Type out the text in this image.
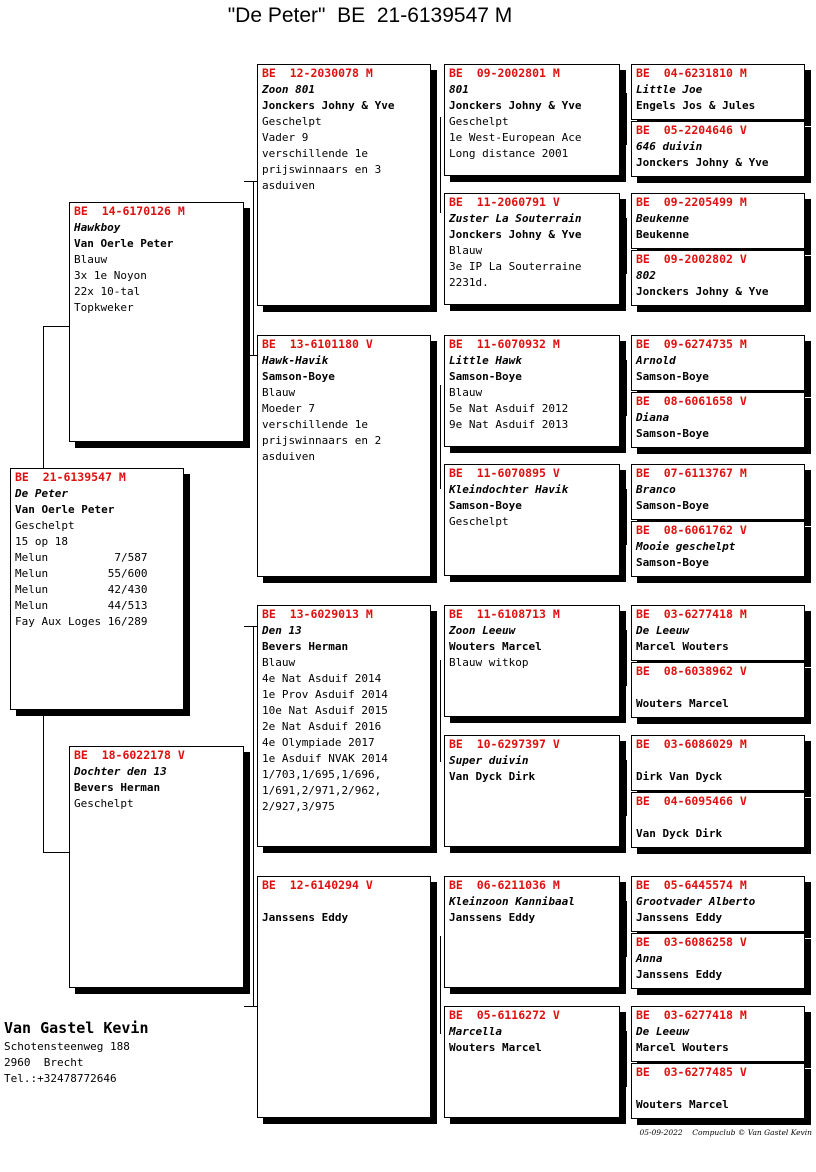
"De Peter"  BE  21-6139547 M
BE  21-6139547 M
De Peter
Van Oerle Peter
Geschelpt
15 op 18
Melun          7/587
Melun         55/600
Melun         42/430
Melun         44/513
Fay Aux Loges 16/289
BE  14-6170126 M
Hawkboy
Van Oerle Peter
Blauw
3x 1e Noyon
22x 10-tal
Topkweker
BE  18-6022178 V
Dochter den 13
Bevers Herman
Geschelpt
BE  12-2030078 M
Zoon 801
Jonckers Johny & Yve
Geschelpt
Vader 9
verschillende 1e
prijswinnaars en 3
asduiven
BE  13-6101180 V
Hawk-Havik
Samson-Boye
Blauw
Moeder 7
verschillende 1e
prijswinnaars en 2
asduiven
BE  13-6029013 M
Den 13
Bevers Herman
Blauw
4e Nat Asduif 2014
1e Prov Asduif 2014
10e Nat Asduif 2015
2e Nat Asduif 2016
4e Olympiade 2017
1e Asduif NVAK 2014
1/703,1/695,1/696,
1/691,2/971,2/962,
2/927,3/975
BE  12-6140294 V
Janssens Eddy
BE  09-2002801 M
801
Jonckers Johny & Yve
Geschelpt
1e West-European Ace
Long distance 2001
BE  11-2060791 V
Zuster La Souterrain
Jonckers Johny & Yve
Blauw
3e IP La Souterraine
2231d.
BE  11-6070932 M
Little Hawk
Samson-Boye
Blauw
5e Nat Asduif 2012
9e Nat Asduif 2013
BE  11-6070895 V
Kleindochter Havik
Samson-Boye
Geschelpt
BE  11-6108713 M
Zoon Leeuw
Wouters Marcel
Blauw witkop
BE  10-6297397 V
Super duivin
Van Dyck Dirk
BE  06-6211036 M
Kleinzoon Kannibaal
Janssens Eddy
BE  05-6116272 V
Marcella
Wouters Marcel
BE  04-6231810 M
Little Joe
Engels Jos & Jules
BE  05-2204646 V
646 duivin
Jonckers Johny & Yve
BE  09-2205499 M
Beukenne
Beukenne
BE  09-2002802 V
802
Jonckers Johny & Yve
BE  09-6274735 M
Arnold
Samson-Boye
BE  08-6061658 V
Diana
Samson-Boye
BE  07-6113767 M
Branco
Samson-Boye
BE  08-6061762 V
Mooie geschelpt
Samson-Boye
BE  03-6277418 M
De Leeuw
Marcel Wouters
BE  08-6038962 V
Wouters Marcel
BE  03-6086029 M
Dirk Van Dyck
BE  04-6095466 V
Van Dyck Dirk
BE  05-6445574 M
Grootvader Alberto
Janssens Eddy
BE  03-6086258 V
Anna
Janssens Eddy
BE  03-6277418 M
De Leeuw
Marcel Wouters
BE  03-6277485 V
Wouters Marcel
Van Gastel Kevin
Schotensteenweg 188
2960  Brecht
Tel.:+32478772646
05-09-2022 Compuclub © Van Gastel Kevin
